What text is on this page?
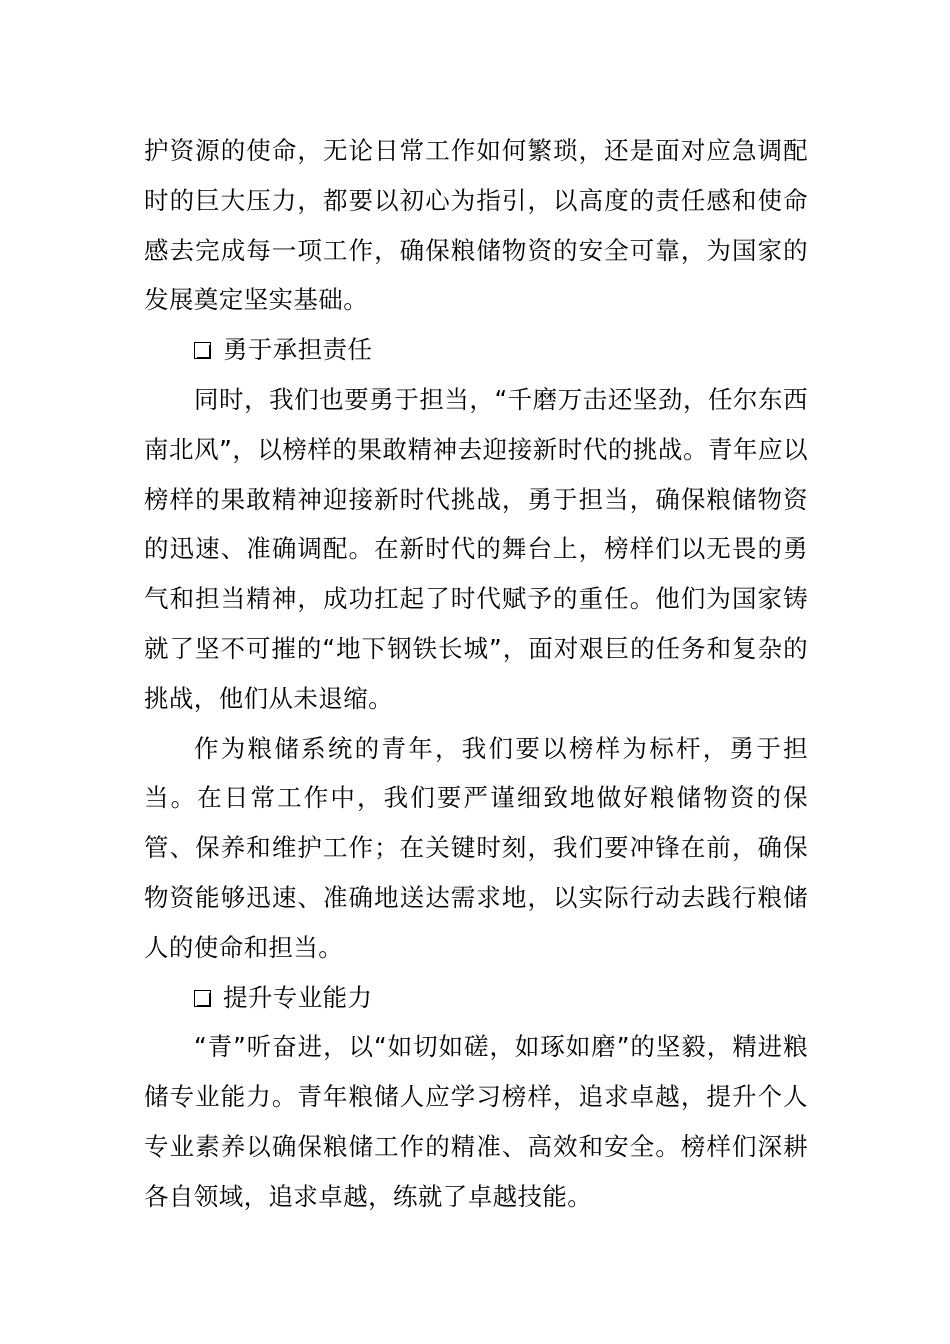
护资源的使命，无论日常工作如何繁琐，还是面对应急调配时的巨大压力，都要以初心为指引，以高度的责任感和使命感去完成每一项工作，确保粮储物资的安全可靠，为国家的发展奠定坚实基础。

勇于承担责任

同时，我们也要勇于担当，“千磨万击还坚劲，任尔东西南北风”，以榜样的果敢精神去迎接新时代的挑战。青年应以榜样的果敢精神迎接新时代挑战，勇于担当，确保粮储物资的迅速、准确调配。在新时代的舞台上，榜样们以无畏的勇气和担当精神，成功扛起了时代赋予的重任。他们为国家铸就了坚不可摧的“地下钢铁长城”，面对艰巨的任务和复杂的挑战，他们从未退缩。

作为粮储系统的青年，我们要以榜样为标杆，勇于担当。在日常工作中，我们要严谨细致地做好粮储物资的保管、保养和维护工作；在关键时刻，我们要冲锋在前，确保物资能够迅速、准确地送达需求地，以实际行动去践行粮储人的使命和担当。

提升专业能力

“青”听奋进，以“如切如磋，如琢如磨”的坚毅，精进粮储专业能力。青年粮储人应学习榜样，追求卓越，提升个人专业素养以确保粮储工作的精准、高效和安全。榜样们深耕各自领域，追求卓越，练就了卓越技能。
